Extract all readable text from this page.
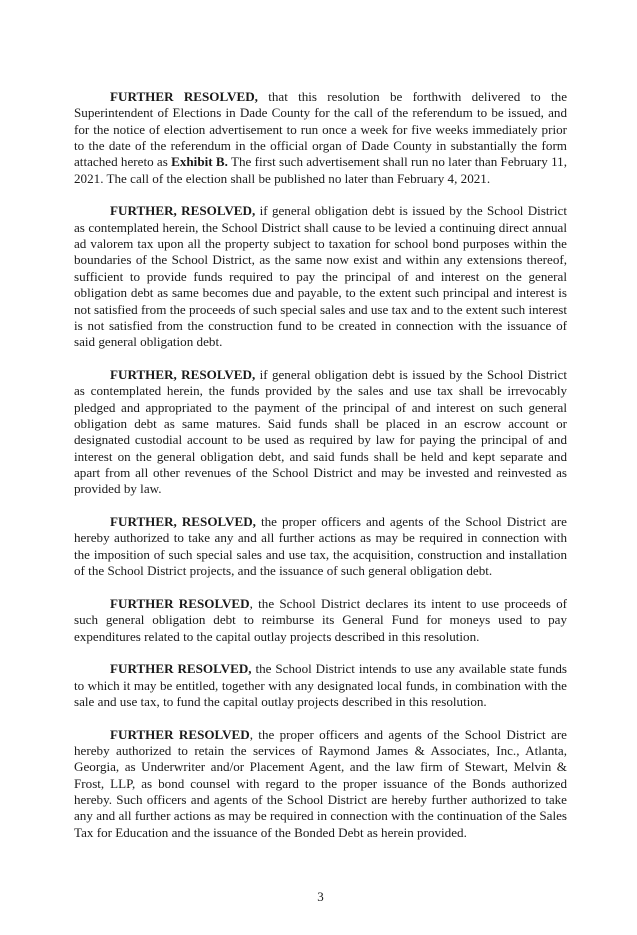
FURTHER RESOLVED, that this resolution be forthwith delivered to the Superintendent of Elections in Dade County for the call of the referendum to be issued, and for the notice of election advertisement to run once a week for five weeks immediately prior to the date of the referendum in the official organ of Dade County in substantially the form attached hereto as Exhibit B. The first such advertisement shall run no later than February 11, 2021. The call of the election shall be published no later than February 4, 2021.

FURTHER, RESOLVED, if general obligation debt is issued by the School District as contemplated herein, the School District shall cause to be levied a continuing direct annual ad valorem tax upon all the property subject to taxation for school bond purposes within the boundaries of the School District, as the same now exist and within any extensions thereof, sufficient to provide funds required to pay the principal of and interest on the general obligation debt as same becomes due and payable, to the extent such principal and interest is not satisfied from the proceeds of such special sales and use tax and to the extent such interest is not satisfied from the construction fund to be created in connection with the issuance of said general obligation debt.

FURTHER, RESOLVED, if general obligation debt is issued by the School District as contemplated herein, the funds provided by the sales and use tax shall be irrevocably pledged and appropriated to the payment of the principal of and interest on such general obligation debt as same matures. Said funds shall be placed in an escrow account or designated custodial account to be used as required by law for paying the principal of and interest on the general obligation debt, and said funds shall be held and kept separate and apart from all other revenues of the School District and may be invested and reinvested as provided by law.

FURTHER, RESOLVED, the proper officers and agents of the School District are hereby authorized to take any and all further actions as may be required in connection with the imposition of such special sales and use tax, the acquisition, construction and installation of the School District projects, and the issuance of such general obligation debt.

FURTHER RESOLVED, the School District declares its intent to use proceeds of such general obligation debt to reimburse its General Fund for moneys used to pay expenditures related to the capital outlay projects described in this resolution.

FURTHER RESOLVED, the School District intends to use any available state funds to which it may be entitled, together with any designated local funds, in combination with the sale and use tax, to fund the capital outlay projects described in this resolution.

FURTHER RESOLVED, the proper officers and agents of the School District are hereby authorized to retain the services of Raymond James & Associates, Inc., Atlanta, Georgia, as Underwriter and/or Placement Agent, and the law firm of Stewart, Melvin & Frost, LLP, as bond counsel with regard to the proper issuance of the Bonds authorized hereby. Such officers and agents of the School District are hereby further authorized to take any and all further actions as may be required in connection with the continuation of the Sales Tax for Education and the issuance of the Bonded Debt as herein provided.

3
